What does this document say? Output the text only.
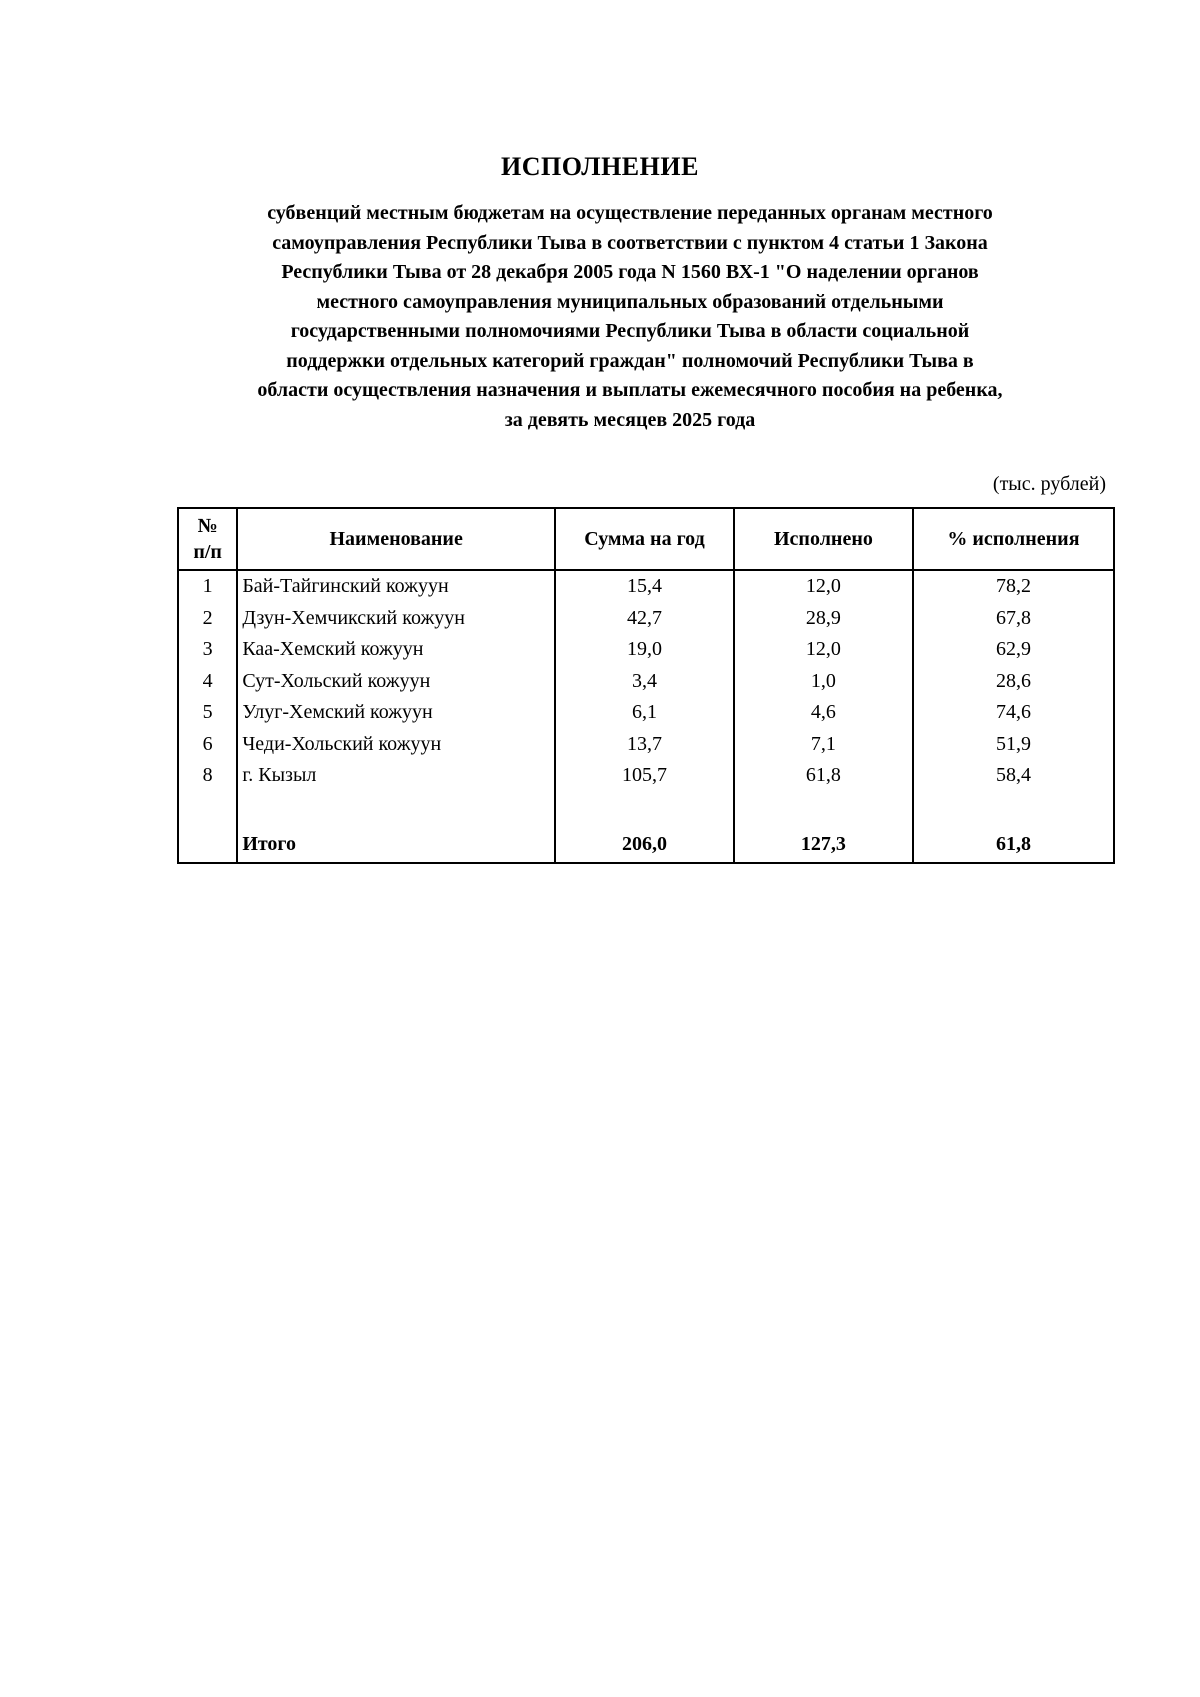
ИСПОЛНЕНИЕ
субвенций местным бюджетам на осуществление переданных органам местного
самоуправления Республики Тыва в соответствии с пунктом 4 статьи 1 Закона
Республики Тыва от 28 декабря 2005 года N 1560 ВХ-1 "О наделении органов
местного самоуправления муниципальных образований отдельными
государственными полномочиями Республики Тыва в области социальной
поддержки отдельных категорий граждан" полномочий Республики Тыва в
области осуществления назначения и выплаты ежемесячного пособия на ребенка,
за девять месяцев 2025 года
(тыс. рублей)
№
п/п	Наименование	Сумма на год	Исполнено	% исполнения
1	Бай-Тайгинский кожуун	15,4	12,0	78,2
2	Дзун-Хемчикский кожуун	42,7	28,9	67,8
3	Каа-Хемский кожуун	19,0	12,0	62,9
4	Сут-Хольский кожуун	3,4	1,0	28,6
5	Улуг-Хемский кожуун	6,1	4,6	74,6
6	Чеди-Хольский кожуун	13,7	7,1	51,9
8	г. Кызыл	105,7	61,8	58,4

	Итого	206,0	127,3	61,8
